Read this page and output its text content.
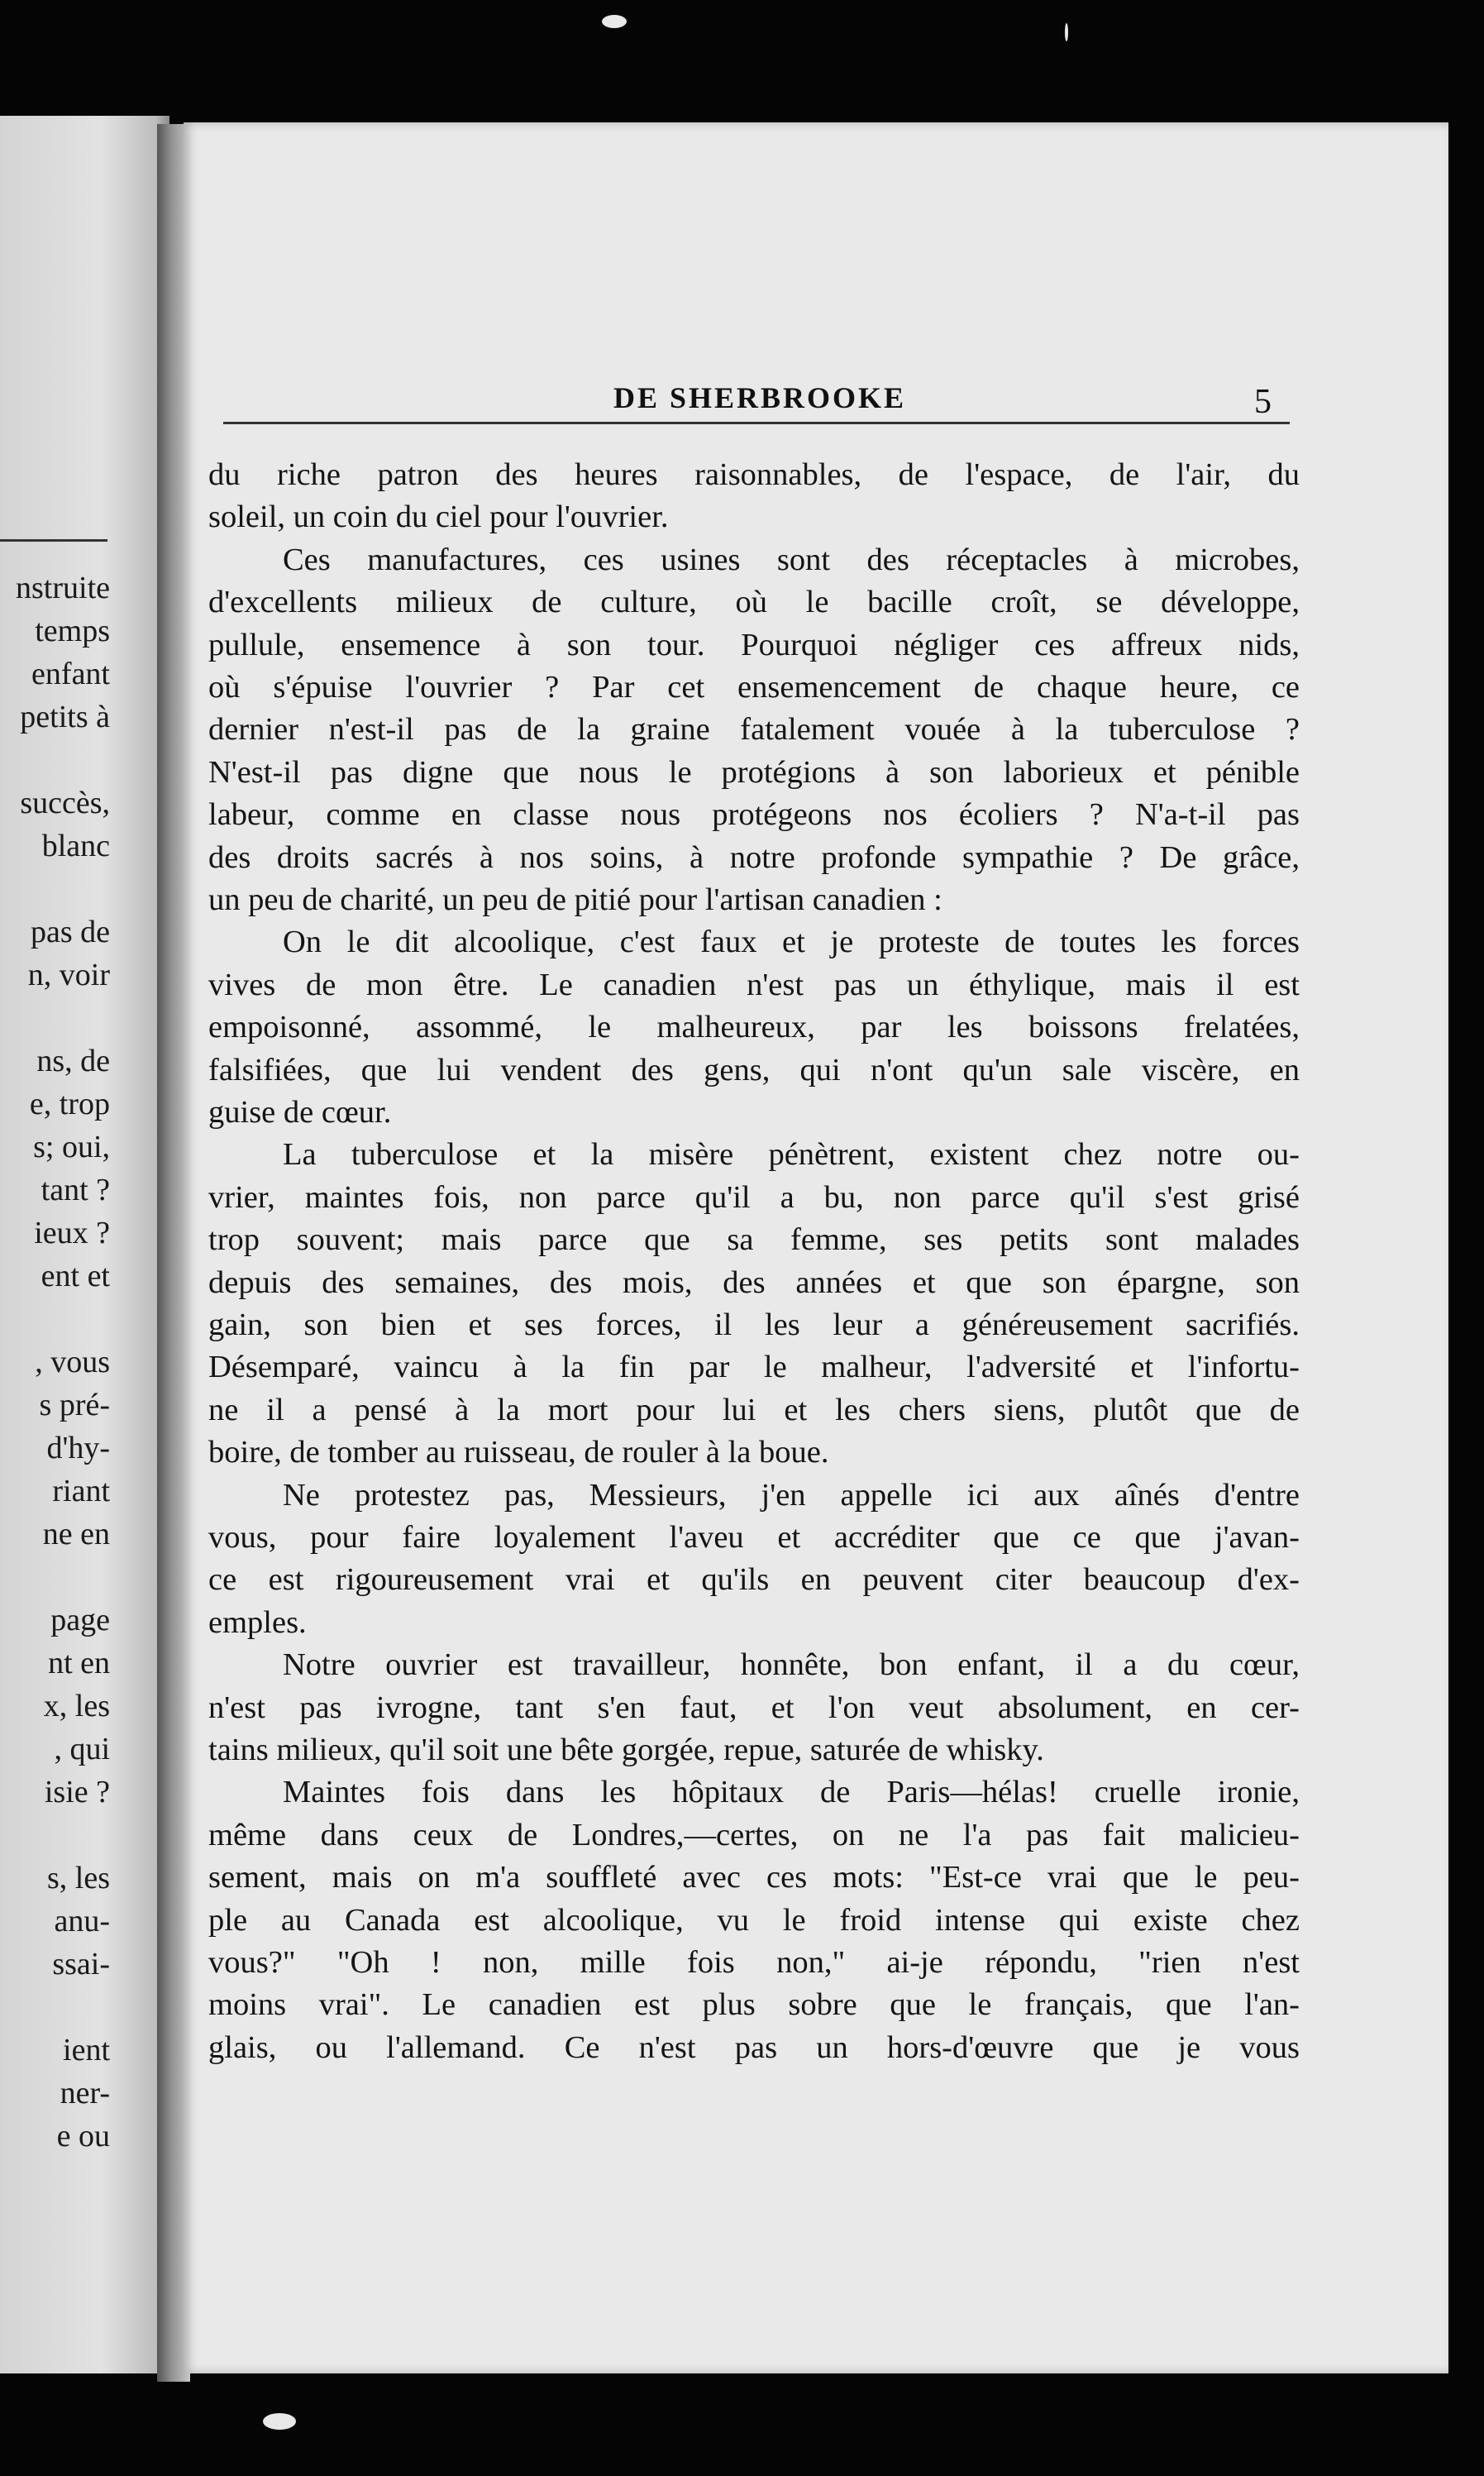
nstruite
temps
enfant
petits à
succès,
blanc
pas de
n, voir
ns, de
e, trop
s; oui,
tant ?
ieux ?
ent et
, vous
s pré-
d'hy-
riant
ne en
page
nt en
x, les
, qui
isie ?
s, les
anu-
ssai-
ient
ner-
e ou
DE SHERBROOKE	5
du riche patron des heures raisonnables, de l'espace, de l'air, du
soleil, un coin du ciel pour l'ouvrier.
Ces manufactures, ces usines sont des réceptacles à microbes,
d'excellents milieux de culture, où le bacille croît, se développe,
pullule, ensemence à son tour. Pourquoi négliger ces affreux nids,
où s'épuise l'ouvrier ? Par cet ensemencement de chaque heure, ce
dernier n'est-il pas de la graine fatalement vouée à la tuberculose ?
N'est-il pas digne que nous le protégions à son laborieux et pénible
labeur, comme en classe nous protégeons nos écoliers ? N'a-t-il pas
des droits sacrés à nos soins, à notre profonde sympathie ? De grâce,
un peu de charité, un peu de pitié pour l'artisan canadien :
On le dit alcoolique, c'est faux et je proteste de toutes les forces
vives de mon être. Le canadien n'est pas un éthylique, mais il est
empoisonné, assommé, le malheureux, par les boissons frelatées,
falsifiées, que lui vendent des gens, qui n'ont qu'un sale viscère, en
guise de cœur.
La tuberculose et la misère pénètrent, existent chez notre ou-
vrier, maintes fois, non parce qu'il a bu, non parce qu'il s'est grisé
trop souvent; mais parce que sa femme, ses petits sont malades
depuis des semaines, des mois, des années et que son épargne, son
gain, son bien et ses forces, il les leur a généreusement sacrifiés.
Désemparé, vaincu à la fin par le malheur, l'adversité et l'infortu-
ne il a pensé à la mort pour lui et les chers siens, plutôt que de
boire, de tomber au ruisseau, de rouler à la boue.
Ne protestez pas, Messieurs, j'en appelle ici aux aînés d'entre
vous, pour faire loyalement l'aveu et accréditer que ce que j'avan-
ce est rigoureusement vrai et qu'ils en peuvent citer beaucoup d'ex-
emples.
Notre ouvrier est travailleur, honnête, bon enfant, il a du cœur,
n'est pas ivrogne, tant s'en faut, et l'on veut absolument, en cer-
tains milieux, qu'il soit une bête gorgée, repue, saturée de whisky.
Maintes fois dans les hôpitaux de Paris—hélas! cruelle ironie,
même dans ceux de Londres,—certes, on ne l'a pas fait malicieu-
sement, mais on m'a souffleté avec ces mots: "Est-ce vrai que le peu-
ple au Canada est alcoolique, vu le froid intense qui existe chez
vous?" "Oh ! non, mille fois non," ai-je répondu, "rien n'est
moins vrai". Le canadien est plus sobre que le français, que l'an-
glais, ou l'allemand. Ce n'est pas un hors-d'œuvre que je vous
